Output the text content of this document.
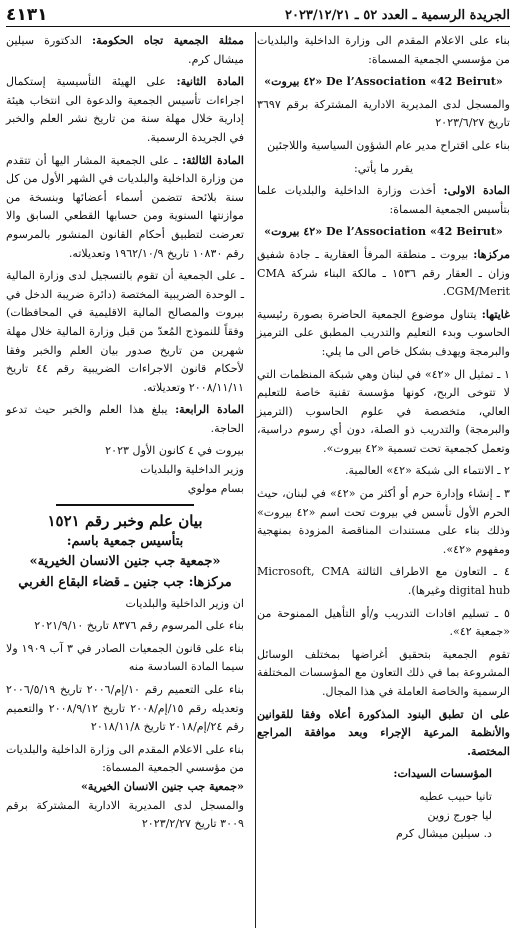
الجريدة الرسمية ـ العدد ٥٢ ـ ٢٠٢٣/١٢/٢١
٤١٣١

بناء على الاعلام المقدم الى وزارة الداخلية والبلديات من مؤسسي الجمعية المسماة:

«٤٢ بيروت» De l’Association «42 Beirut»

والمسجل لدى المديرية الادارية المشتركة برقم ٣٦٩٧ تاريخ ٢٠٢٣/٦/٢٧

بناء على اقتراح مدير عام الشؤون السياسية واللاجئين

يقرر ما يأتي:

المادة الاولى: أخذت وزارة الداخلية والبلديات علما بتأسيس الجمعية المسماة:

«٤٢ بيروت» De l’Association «42 Beirut»

مركزها: بيروت ـ منطقة المرفأ العقارية ـ جادة شفيق وزان ـ العقار رقم ١٥٣٦ ـ مالكة البناء شركة CMA CGM/Merit.

غايتها: يتناول موضوع الجمعية الحاضرة بصورة رئيسية الحاسوب وبدء التعليم والتدريب المطبق على الترميز والبرمجة ويهدف بشكل خاص الى ما يلي:

١ ـ تمثيل ال «٤٢» في لبنان وهي شبكة المنظمات التي لا تتوخى الربح، كونها مؤسسة تقنية خاصة للتعليم العالي، متخصصة في علوم الحاسوب (الترميز والبرمجة) والتدريب ذو الصلة، دون أي رسوم دراسية، وتعمل كجمعية تحت تسمية «٤٢ بيروت».

٢ ـ الانتماء الى شبكة «٤٢» العالمية.

٣ ـ إنشاء وإدارة حرم أو أكثر من «٤٢» في لبنان، حيث الحرم الأول تأسس في بيروت تحت اسم «٤٢ بيروت» وذلك بناء على مستندات المناقصة المزودة بمنهجية ومفهوم «٤٢».

٤ ـ التعاون مع الاطراف الثالثة Microsoft, CMA digital hub وغيرها).

٥ ـ تسليم افادات التدريب و/أو التأهيل الممنوحة من «جمعية ٤٢».

تقوم الجمعية بتحقيق أغراضها بمختلف الوسائل المشروعة بما في ذلك التعاون مع المؤسسات المختلفة الرسمية والخاصة العاملة في هذا المجال.

على ان تطبق البنود المذكورة أعلاه وفقا للقوانين والأنظمة المرعية الإجراء وبعد موافقة المراجع المختصة.

المؤسسات السيدات:

تانيا حبيب عطيه

ليا جورج زوين

د. سيلين ميشال كرم

ممثلة الجمعية تجاه الحكومة: الدكتورة سيلين ميشال كرم.

المادة الثانية: على الهيئة التأسيسية إستكمال اجراءات تأسيس الجمعية والدعوة الى انتخاب هيئة إدارية خلال مهلة سنة من تاريخ نشر العلم والخبر في الجريدة الرسمية.

المادة الثالثة: ـ على الجمعية المشار اليها أن تتقدم من وزارة الداخلية والبلديات في الشهر الأول من كل سنة بلائحة تتضمن أسماء أعضائها وبنسخة من موازنتها السنوية ومن حسابها القطعي السابق والا تعرضت لتطبيق أحكام القانون المنشور بالمرسوم رقم ١٠٨٣٠ تاريخ ١٩٦٢/١٠/٩ وتعديلاته.

ـ على الجمعية أن تقوم بالتسجيل لدى وزارة المالية ـ الوحدة الضريبية المختصة (دائرة ضريبة الدخل في بيروت والمصالح المالية الاقليمية في المحافظات) وفقاً للنموذج المُعدّ من قبل وزارة المالية خلال مهلة شهرين من تاريخ صدور بيان العلم والخبر وفقا لأحكام قانون الاجراءات الضريبية رقم ٤٤ تاريخ ٢٠٠٨/١١/١١ وتعديلاته.

المادة الرابعة: يبلغ هذا العلم والخبر حيث تدعو الحاجة.

بيروت في ٤ كانون الأول ٢٠٢٣

وزير الداخلية والبلديات

بسام مولوي

بيان علم وخبر رقم ١٥٢١

بتأسيس جمعية باسم:

«جمعية جب جنين الانسان الخيرية»

مركزها: جب جنين ـ قضاء البقاع الغربي

ان وزير الداخلية والبلديات

بناء على المرسوم رقم ٨٣٧٦ تاريخ ٢٠٢١/٩/١٠

بناء على قانون الجمعيات الصادر في ٣ آب ١٩٠٩ ولا سيما المادة السادسة منه

بناء على التعميم رقم ١٠/إم/٢٠٠٦ تاريخ ٢٠٠٦/٥/١٩ وتعديله رقم ١٥/إم/٢٠٠٨ تاريخ ٢٠٠٨/٩/١٢ والتعميم رقم ٢٤/إم/٢٠١٨ تاريخ ٢٠١٨/١١/٨

بناء على الاعلام المقدم الى وزارة الداخلية والبلديات من مؤسسي الجمعية المسماة:

«جمعية جب جنين الانسان الخيرية»

والمسجل لدى المديرية الادارية المشتركة برقم ٣٠٠٩ تاريخ ٢٠٢٣/٢/٢٧
